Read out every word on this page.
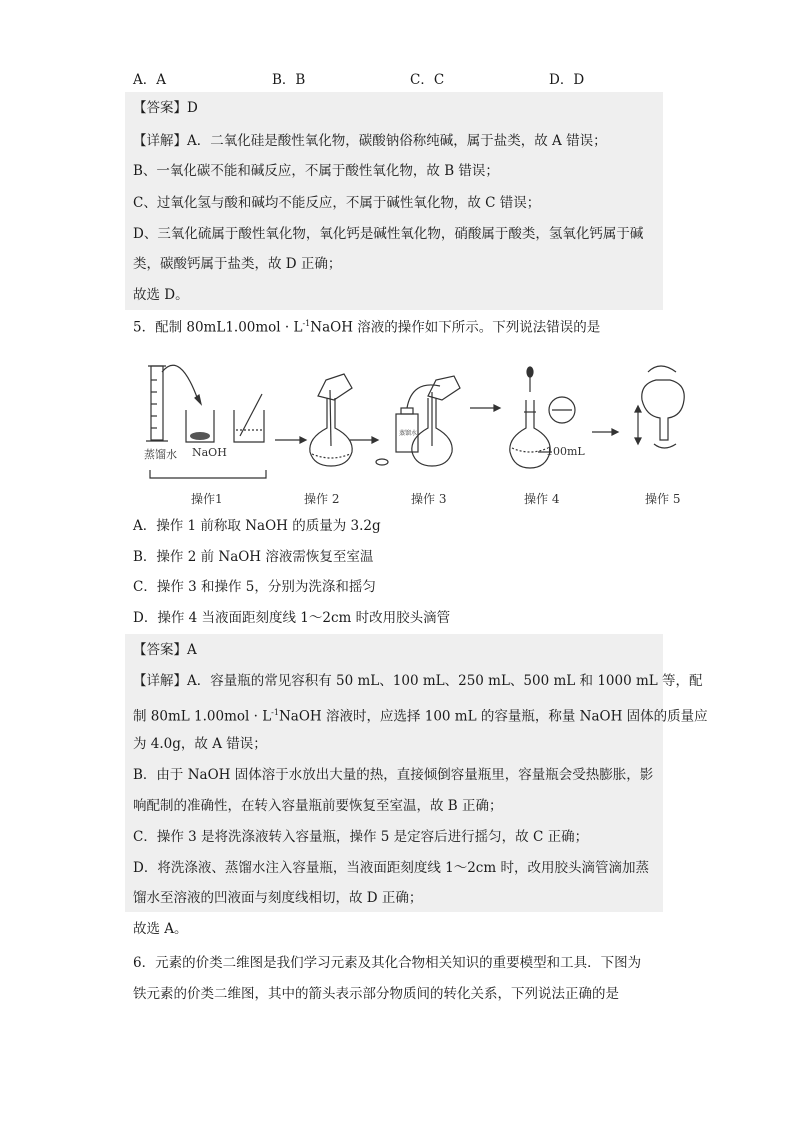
A．A	B．B	C．C	D．D
【答案】D
【详解】A．二氧化硅是酸性氧化物，碳酸钠俗称纯碱，属于盐类，故 A 错误；
B、一氧化碳不能和碱反应，不属于酸性氧化物，故 B 错误；
C、过氧化氢与酸和碱均不能反应，不属于碱性氧化物，故 C 错误；
D、三氧化硫属于酸性氧化物，氧化钙是碱性氧化物，硝酸属于酸类，氢氧化钙属于碱
类，碳酸钙属于盐类，故 D 正确；
故选 D。
5．配制 $80mL1.00mol \cdot L^{-1}NaOH$ 溶液的操作如下所示。下列说法错误的是
蒸馏水 NaOH	100mL
蒸馏水
操作1	操作 2	操作 3	操作 4	操作 5
A．操作 1 前称取 NaOH 的质量为 3.2g
B．操作 2 前 NaOH 溶液需恢复至室温
C．操作 3 和操作 5，分别为洗涤和摇匀
D．操作 4 当液面距刻度线 1～2cm 时改用胶头滴管
【答案】A
【详解】A．容量瓶的常见容积有 50 mL、100 mL、250 mL、500 mL 和 1000 mL 等，配
制 80mL $1.00mol \cdot L^{-1}NaOH$ 溶液时，应选择 100 mL 的容量瓶，称量 NaOH 固体的质量应
为 4.0g，故 A 错误；
B．由于 NaOH 固体溶于水放出大量的热，直接倾倒容量瓶里，容量瓶会受热膨胀，影
响配制的准确性，在转入容量瓶前要恢复至室温，故 B 正确；
C．操作 3 是将洗涤液转入容量瓶，操作 5 是定容后进行摇匀，故 C 正确；
D．将洗涤液、蒸馏水注入容量瓶，当液面距刻度线 1～2cm 时，改用胶头滴管滴加蒸
馏水至溶液的凹液面与刻度线相切，故 D 正确；
故选 A。
6．元素的价类二维图是我们学习元素及其化合物相关知识的重要模型和工具．下图为
铁元素的价类二维图，其中的箭头表示部分物质间的转化关系，下列说法正确的是
